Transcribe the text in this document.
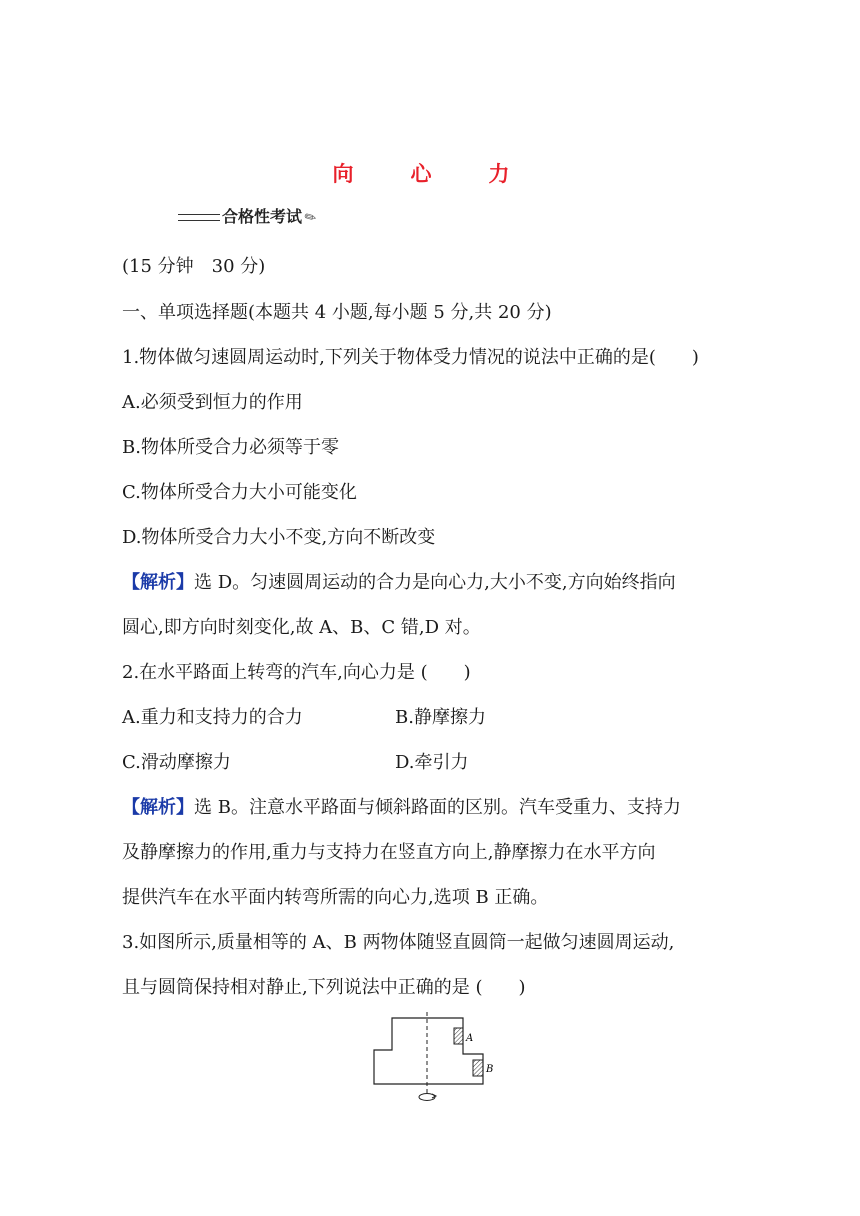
向　心　力
合格性考试✎
(15 分钟　30 分)
一、单项选择题(本题共 4 小题,每小题 5 分,共 20 分)
1.物体做匀速圆周运动时,下列关于物体受力情况的说法中正确的是(　　)
A.必须受到恒力的作用
B.物体所受合力必须等于零
C.物体所受合力大小可能变化
D.物体所受合力大小不变,方向不断改变
【解析】选 D。匀速圆周运动的合力是向心力,大小不变,方向始终指向
圆心,即方向时刻变化,故 A、B、C 错,D 对。
2.在水平路面上转弯的汽车,向心力是 (　　)
A.重力和支持力的合力	B.静摩擦力
C.滑动摩擦力	D.牵引力
【解析】选 B。注意水平路面与倾斜路面的区别。汽车受重力、支持力
及静摩擦力的作用,重力与支持力在竖直方向上,静摩擦力在水平方向
提供汽车在水平面内转弯所需的向心力,选项 B 正确。
3.如图所示,质量相等的 A、B 两物体随竖直圆筒一起做匀速圆周运动,
且与圆筒保持相对静止,下列说法中正确的是 (　　)
A
B
